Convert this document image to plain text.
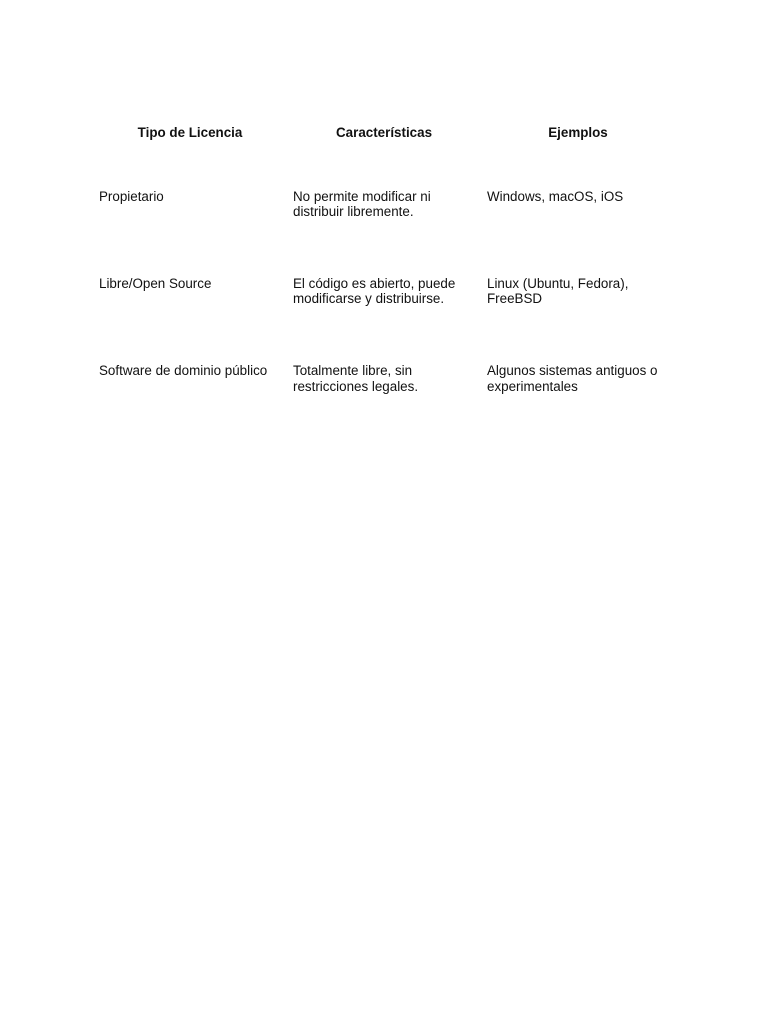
Tipo de Licencia	Características	Ejemplos
Propietario	No permite modificar ni distribuir libremente.	Windows, macOS, iOS
Libre/Open Source	El código es abierto, puede modificarse y distribuirse.	Linux (Ubuntu, Fedora), FreeBSD
Software de dominio público	Totalmente libre, sin restricciones legales.	Algunos sistemas antiguos o experimentales
